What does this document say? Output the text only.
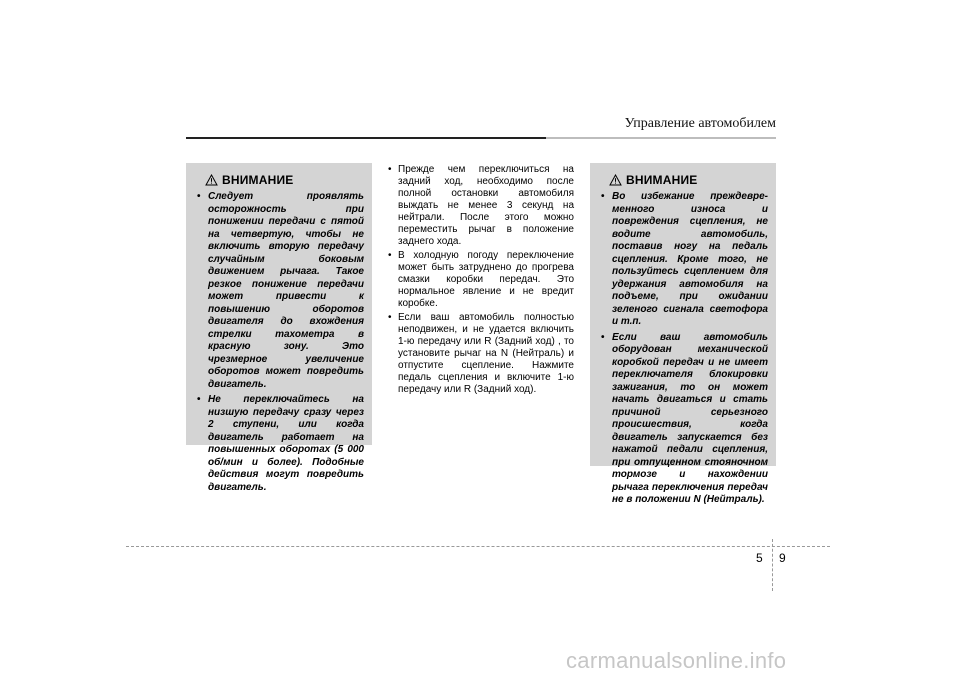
Управление автомобилем
ВНИМАНИЕ
• Следует проявлять осторожность при понижении передачи с пятой на четвертую, чтобы не включить вторую передачу случайным боковым движением рычага. Такое резкое понижение передачи может привести к повышению оборотов двигателя до вхождения стрелки тахометра в красную зону. Это чрезмерное увеличение оборотов может повредить двигатель.
• Не переключайтесь на низшую передачу сразу через 2 ступени, или когда двигатель работает на повышенных оборотах (5 000 об/мин и более). Подобные действия могут повредить двигатель.
• Прежде чем переключиться на задний ход, необходимо после полной остановки автомобиля выждать не менее 3 секунд на нейтрали. После этого можно переместить рычаг в положение заднего хода.
• В холодную погоду переключение может быть затруднено до прогрева смазки коробки передач. Это нормальное явление и не вредит коробке.
• Если ваш автомобиль полностью неподвижен, и не удается включить 1-ю передачу или R (Задний ход) , то установите рычаг на N (Нейтраль) и отпустите сцепление. Нажмите педаль сцепления и включите 1-ю передачу или R (Задний ход).
ВНИМАНИЕ
• Во избежание преждевре-менного износа и повреждения сцепления, не водите автомобиль, поставив ногу на педаль сцепления. Кроме того, не пользуйтесь сцеплением для удержания автомобиля на подъеме, при ожидании зеленого сигнала светофора и т.п.
• Если ваш автомобиль оборудован механической коробкой передач и не имеет переключателя блокировки зажигания, то он может начать двигаться и стать причиной серьезного происшествия, когда двигатель запускается без нажатой педали сцепления, при отпущенном стояночном тормозе и нахождении рычага переключения передач не в положении N (Нейтраль).
5 9
carmanualsonline.info
